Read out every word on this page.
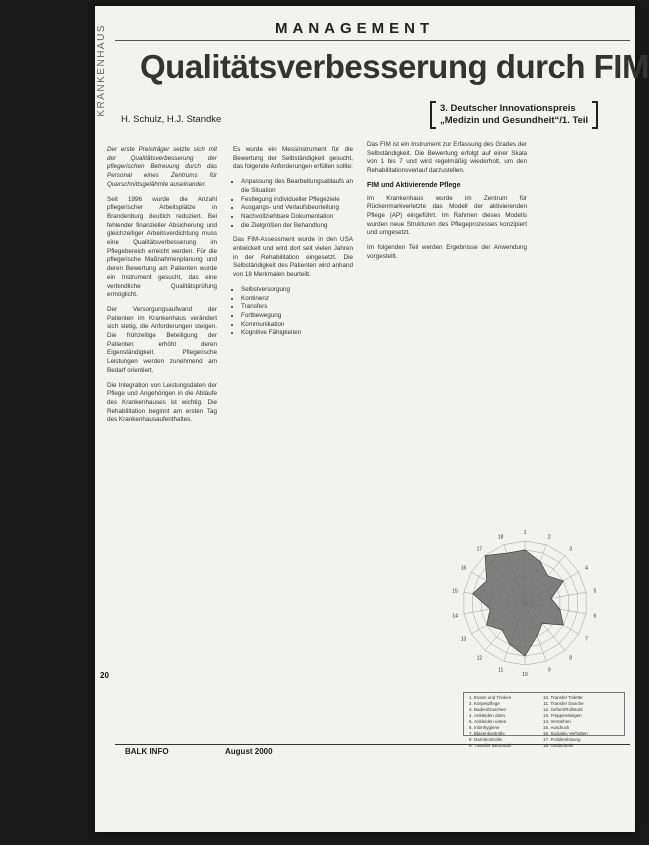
KRANKENHAUS	MANAGEMENT
Qualitätsverbesserung durch FIM
H. Schulz, H.J. Standke
3. Deutscher Innovationspreis
„Medizin und Gesundheit“/1. Teil

Der erste Preisträger setzte sich mit der Qualitätsverbesserung der pflegerischen Betreuung durch das Personal eines Zentrums für Querschnittsgelähmte auseinander.

Seit 1996 wurde die Anzahl pflegerischer Arbeitsplätze in Brandenburg deutlich reduziert. Bei fehlender finanzieller Absicherung und gleichzeitiger Arbeitsverdichtung muss eine Qualitätsverbesserung im Pflegebereich erreicht werden. Für die pflegerische Maßnahmenplanung und deren Bewertung am Patienten wurde ein Instrument gesucht, das eine verbindliche Qualitätsprüfung ermöglicht.

Der Versorgungsaufwand der Patienten im Krankenhaus verändert sich stetig, die Anforderungen steigen. Die frühzeitige Beteiligung der Patienten erhöht deren Eigenständigkeit. Pflegerische Leistungen werden zunehmend am Bedarf orientiert.

Die Integration von Leistungsdaten der Pflege und Angehörigen in die Abläufe des Krankenhauses ist wichtig. Die Rehabilitation beginnt am ersten Tag des Krankenhausaufenthaltes.

Es wurde ein Messinstrument für die Bewertung der Selbständigkeit gesucht, das folgende Anforderungen erfüllen sollte:

• Anpassung des Bearbeitungsablaufs an die Situation
• Festlegung individueller Pflegeziele
• Ausgangs- und Verlaufsbeurteilung
• Nachvollziehbare Dokumentation
• die Zielgrößen der Behandlung

Das FIM-Assessment wurde in den USA entwickelt und wird dort seit vielen Jahren in der Rehabilitation eingesetzt. Die Selbständigkeit des Patienten wird anhand von 18 Merkmalen beurteilt.

• Selbstversorgung
• Kontinenz
• Transfers
• Fortbewegung
• Kommunikation
• Kognitive Fähigkeiten

Das FIM ist ein Instrument zur Erfassung des Grades der Selbständigkeit. Die Bewertung erfolgt auf einer Skala von 1 bis 7 und wird regelmäßig wiederholt, um den Rehabilitationsverlauf darzustellen.

FIM und Aktivierende Pflege

Im Krankenhaus wurde im Zentrum für Rückenmarkverletzte das Modell der aktivierenden Pflege (AP) eingeführt. Im Rahmen dieses Modells wurden neue Strukturen des Pflegeprozesses konzipiert und umgesetzt.

Im folgenden Teil werden Ergebnisse der Anwendung vorgestellt.

1
2
3
4
5
6
7
8
9
10
11
12
13
14
15
16
17
18
1. Essen und Trinken
2. Körperpflege
3. Baden/Duschen
4. Ankleiden oben
5. Ankleiden unten
6. Intimhygiene
7. Blasenkontrolle
8. Darmkontrolle
9. Transfer Bett/Stuhl
10. Transfer Toilette
11. Transfer Dusche
12. Gehen/Rollstuhl
13. Treppensteigen
14. Verstehen
15. Ausdruck
16. Soziales Verhalten
17. Problemlösung
18. Gedächtnis
20
BALK INFO	August 2000
